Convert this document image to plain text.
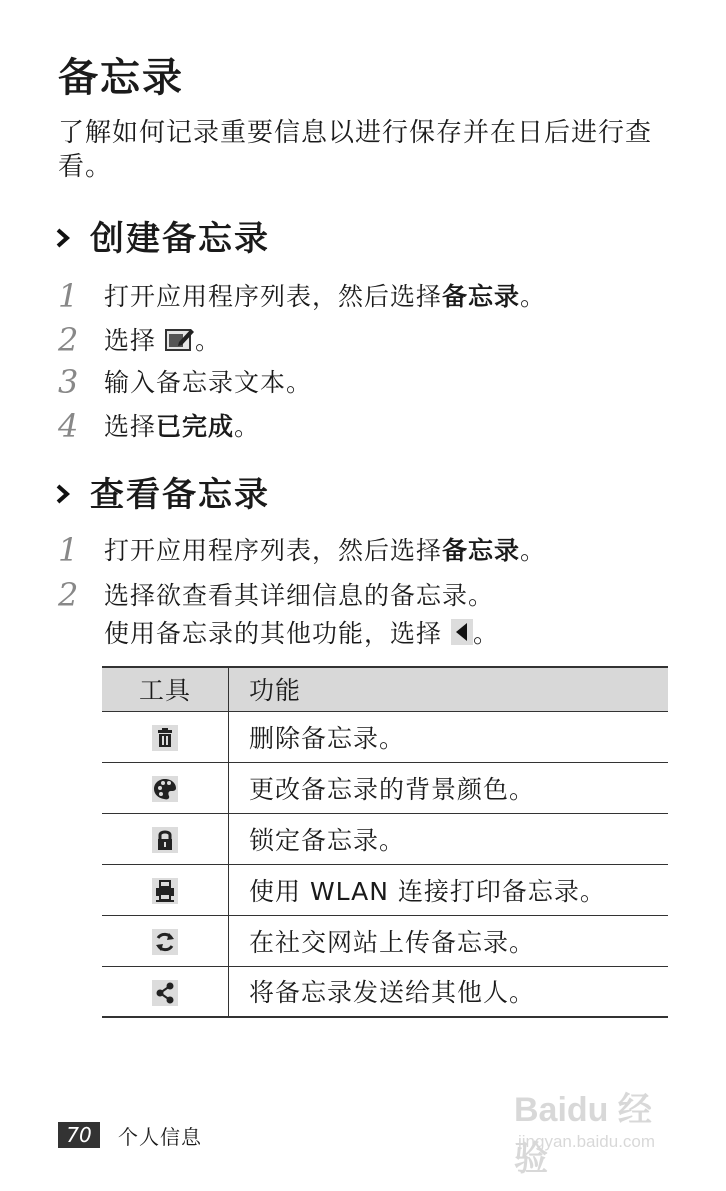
备忘录
了解如何记录重要信息以进行保存并在日后进行查看。
创建备忘录
1	打开应用程序列表，然后选择备忘录。
2	选择 。
3	输入备忘录文本。
4	选择已完成。
查看备忘录
1	打开应用程序列表，然后选择备忘录。
2	选择欲查看其详细信息的备忘录。
使用备忘录的其他功能，选择 。
工具	功能

	删除备忘录。

	更改备忘录的背景颜色。

	锁定备忘录。

	使用 WLAN 连接打印备忘录。

	在社交网站上传备忘录。

	将备忘录发送给其他人。
70	个人信息
Baidu 经验
jingyan.baidu.com
